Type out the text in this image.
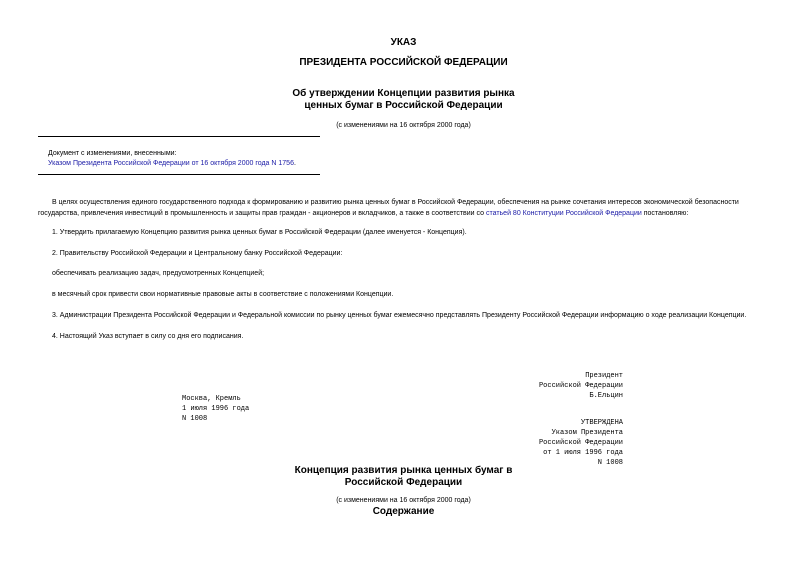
УКАЗ
ПРЕЗИДЕНТА РОССИЙСКОЙ ФЕДЕРАЦИИ
Об утверждении Концепции развития рынка
ценных бумаг в Российской Федерации
(с изменениями на 16 октября 2000 года)
Документ с изменениями, внесенными:
Указом Президента Российской Федерации от 16 октября 2000 года N 1756.
В целях осуществления единого государственного подхода к формированию и развитию рынка ценных бумаг в Российской Федерации, обеспечения на рынке сочетания интересов экономической безопасности государства, привлечения инвестиций в промышленность и защиты прав граждан - акционеров и вкладчиков, а также в соответствии со статьей 80 Конституции Российской Федерации постановляю:
1. Утвердить прилагаемую Концепцию развития рынка ценных бумаг в Российской Федерации (далее именуется - Концепция).
2. Правительству Российской Федерации и Центральному банку Российской Федерации:
обеспечивать реализацию задач, предусмотренных Концепцией;
в месячный срок привести свои нормативные правовые акты в соответствие с положениями Концепции.
3. Администрации Президента Российской Федерации и Федеральной комиссии по рынку ценных бумаг ежемесячно представлять Президенту Российской Федерации информацию о ходе реализации Концепции.
4. Настоящий Указ вступает в силу со дня его подписания.
Президент
Российской Федерации
Б.Ельцин
Москва, Кремль
1 июля 1996 года
N 1008	УТВЕРЖДЕНА
Указом Президента
Российской Федерации
от 1 июля 1996 года
N 1008
Концепция развития рынка ценных бумаг в
Российской Федерации
(с изменениями на 16 октября 2000 года)
Содержание
